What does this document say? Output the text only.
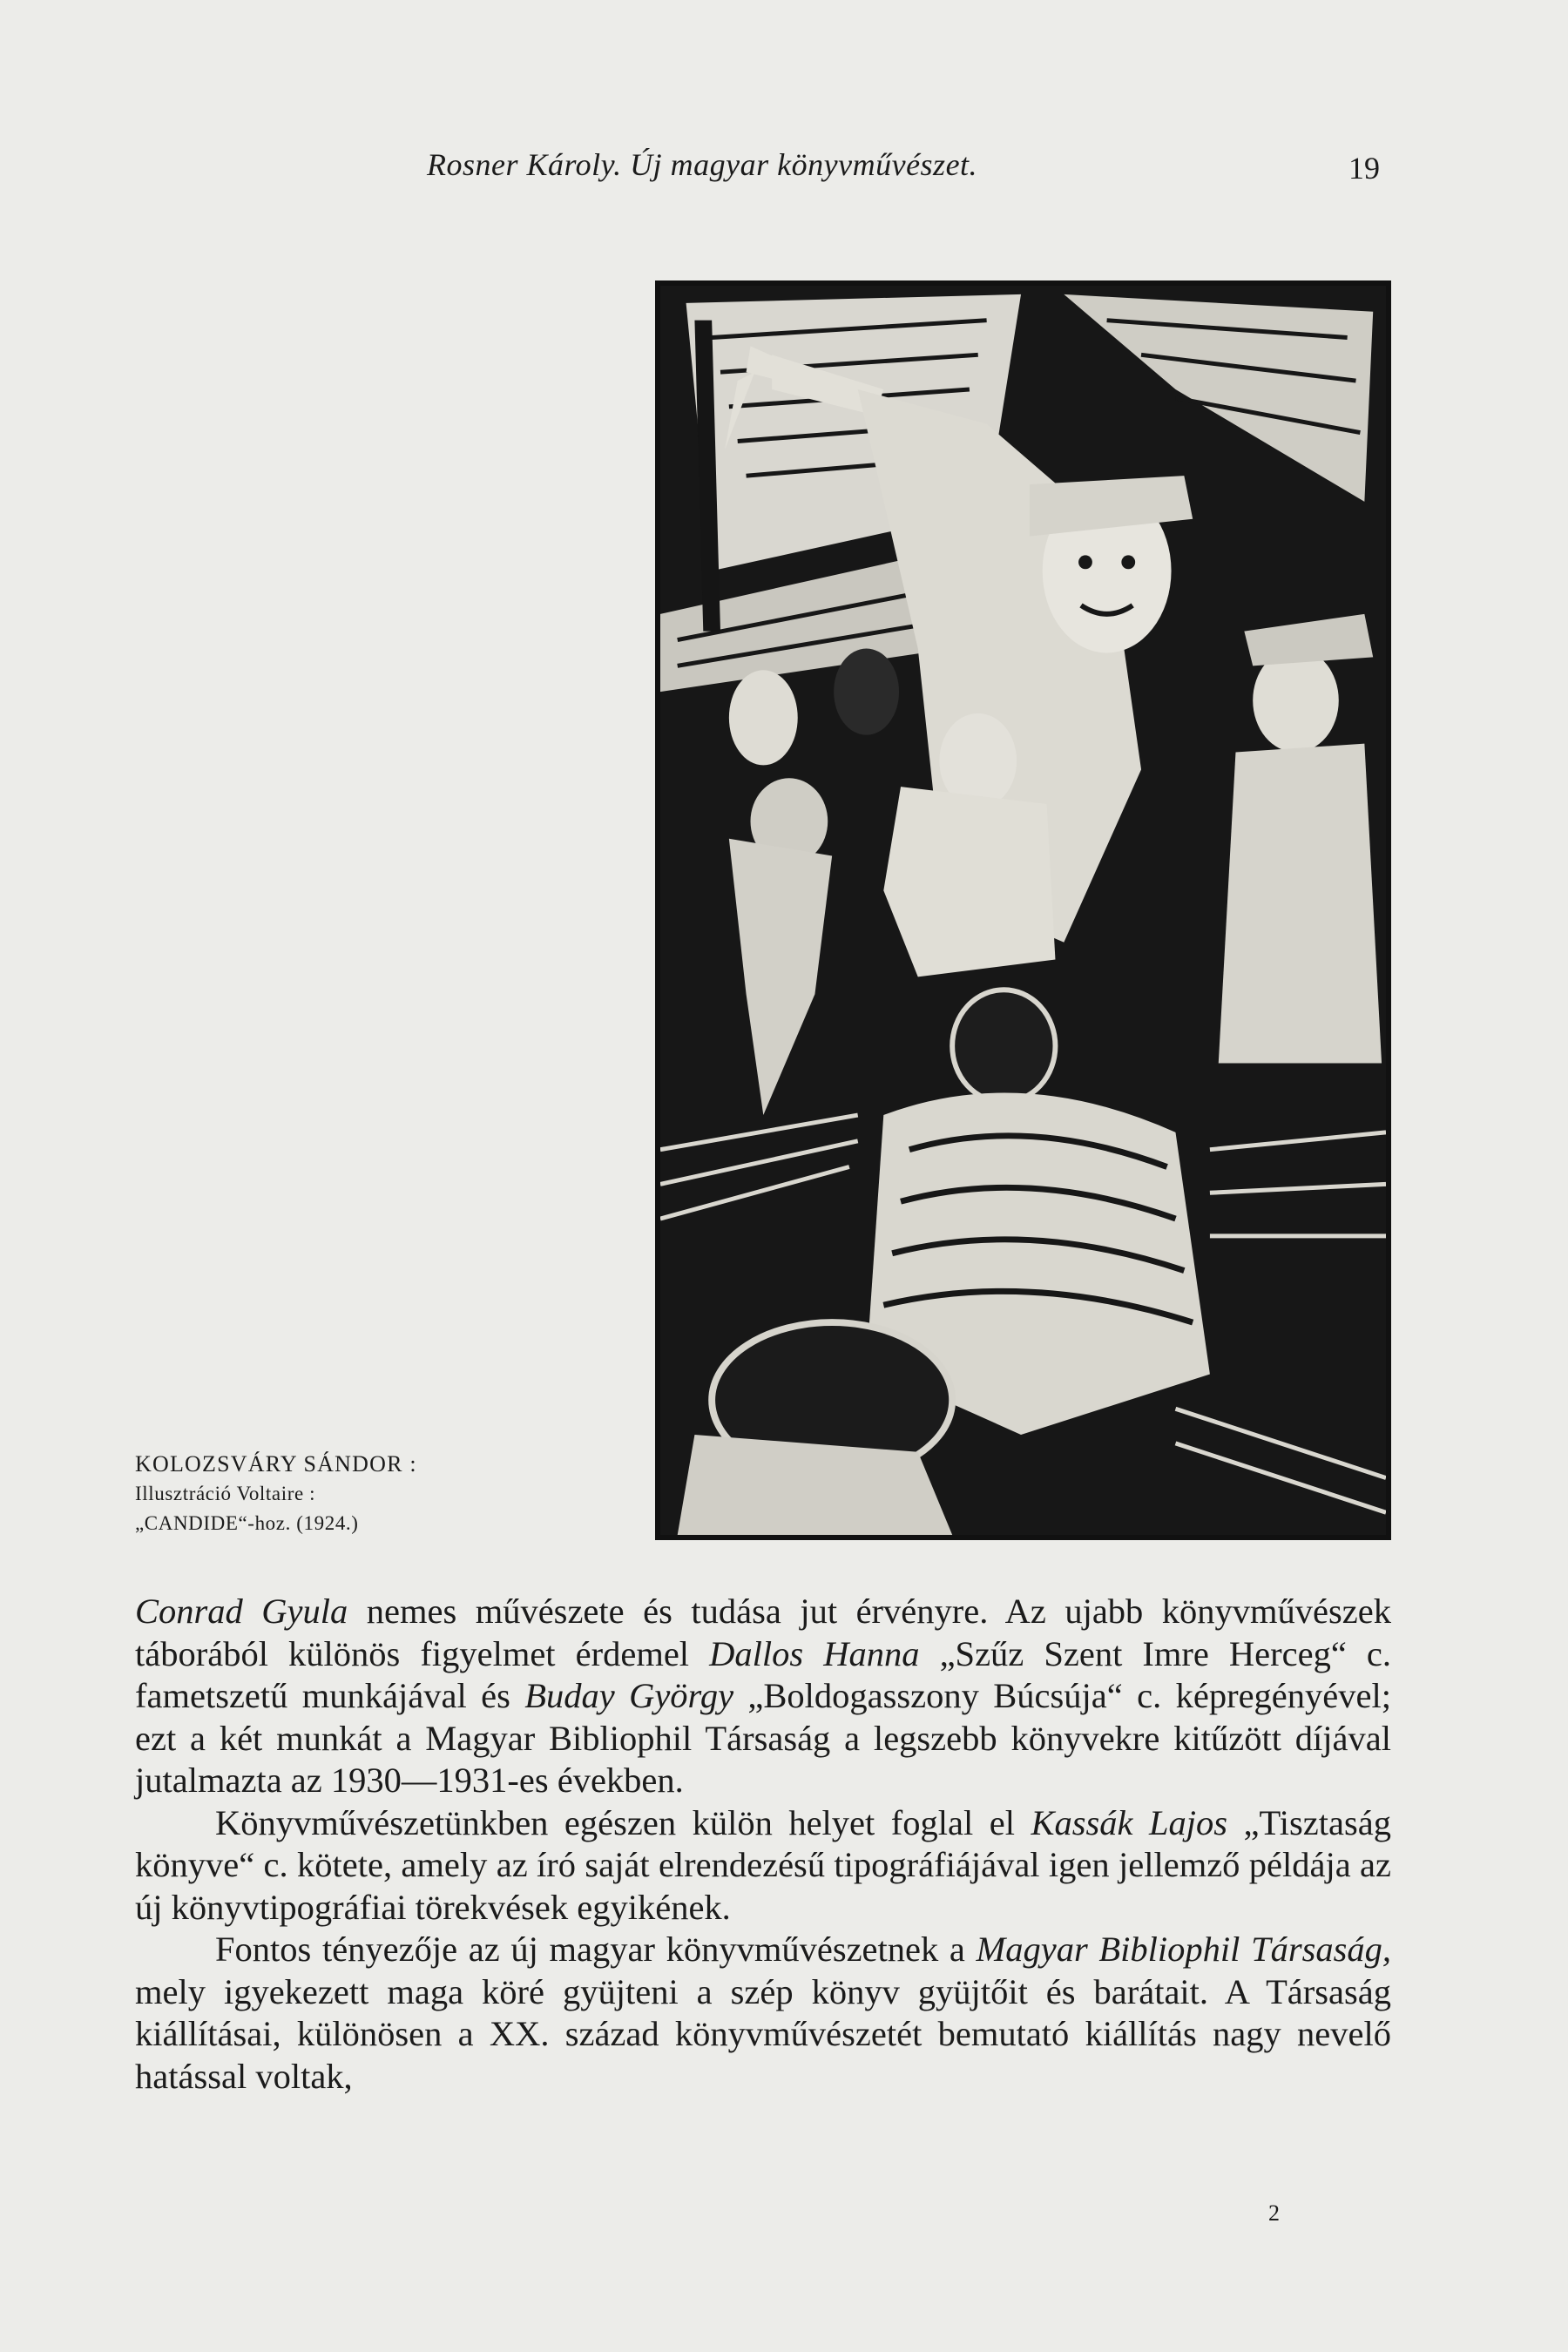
Rosner Károly. Új magyar könyvművészet.	19
KOLOZSVÁRY SÁNDOR :
Illusztráció Voltaire :
„CANDIDE“-hoz. (1924.)

Conrad Gyula nemes művészete és tudása jut érvényre. Az ujabb könyvművészek táborából különös figyelmet érdemel Dallos Hanna „Szűz Szent Imre Herceg“ c. fametszetű munkájával és Buday György „Boldogasszony Búcsúja“ c. képregényével; ezt a két munkát a Magyar Bibliophil Társaság a legszebb könyvekre kitűzött díjával jutalmazta az 1930—1931-es években.

Könyvművészetünkben egészen külön helyet foglal el Kassák Lajos „Tisztaság könyve“ c. kötete, amely az író saját elrendezésű tipográfiájával igen jellemző példája az új könyvtipográfiai törekvések egyikének.

Fontos tényezője az új magyar könyvművészetnek a Magyar Bibliophil Társaság, mely igyekezett maga köré gyüjteni a szép könyv gyüjtőit és barátait. A Társaság kiállításai, különösen a XX. század könyvművészetét bemutató kiállítás nagy nevelő hatással voltak,

2
